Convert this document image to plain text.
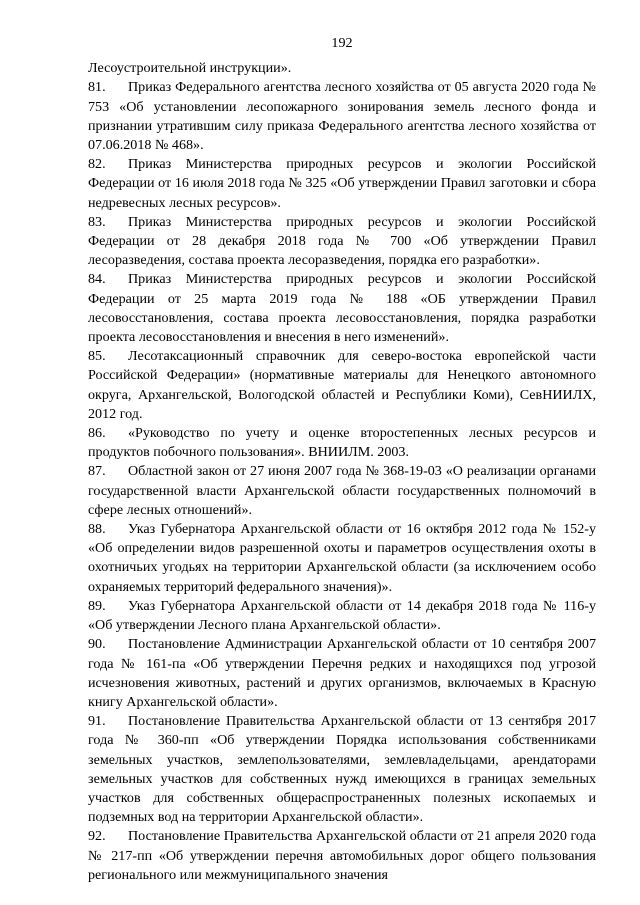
192
Лесоустроительной инструкции».
81. Приказ Федерального агентства лесного хозяйства от 05 августа 2020 года № 753 «Об установлении лесопожарного зонирования земель лесного фонда и признании утратившим силу приказа Федерального агентства лесного хозяйства от 07.06.2018 № 468».
82. Приказ Министерства природных ресурсов и экологии Российской Федерации от 16 июля 2018 года № 325 «Об утверждении Правил заготовки и сбора недревесных лесных ресурсов».
83. Приказ Министерства природных ресурсов и экологии Российской Федерации от 28 декабря 2018 года № 700 «Об утверждении Правил лесоразведения, состава проекта лесоразведения, порядка его разработки».
84. Приказ Министерства природных ресурсов и экологии Российской Федерации от 25 марта 2019 года № 188 «ОБ утверждении Правил лесовосстановления, состава проекта лесовосстановления, порядка разработки проекта лесовосстановления и внесения в него изменений».
85. Лесотаксационный справочник для северо-востока европейской части Российской Федерации» (нормативные материалы для Ненецкого автономного округа, Архангельской, Вологодской областей и Республики Коми), СевНИИЛХ, 2012 год.
86. «Руководство по учету и оценке второстепенных лесных ресурсов и продуктов побочного пользования». ВНИИЛМ. 2003.
87. Областной закон от 27 июня 2007 года № 368-19-03 «О реализации органами государственной власти Архангельской области государственных полномочий в сфере лесных отношений».
88. Указ Губернатора Архангельской области от 16 октября 2012 года № 152-у «Об определении видов разрешенной охоты и параметров осуществления охоты в охотничьих угодьях на территории Архангельской области (за исключением особо охраняемых территорий федерального значения)».
89. Указ Губернатора Архангельской области от 14 декабря 2018 года № 116-у «Об утверждении Лесного плана Архангельской области».
90. Постановление Администрации Архангельской области от 10 сентября 2007 года № 161-па «Об утверждении Перечня редких и находящихся под угрозой исчезновения животных, растений и других организмов, включаемых в Красную книгу Архангельской области».
91. Постановление Правительства Архангельской области от 13 сентября 2017 года № 360-пп «Об утверждении Порядка использования собственниками земельных участков, землепользователями, землевладельцами, арендаторами земельных участков для собственных нужд имеющихся в границах земельных участков для собственных общераспространенных полезных ископаемых и подземных вод на территории Архангельской области».
92. Постановление Правительства Архангельской области от 21 апреля 2020 года № 217-пп «Об утверждении перечня автомобильных дорог общего пользования регионального или межмуниципального значения
